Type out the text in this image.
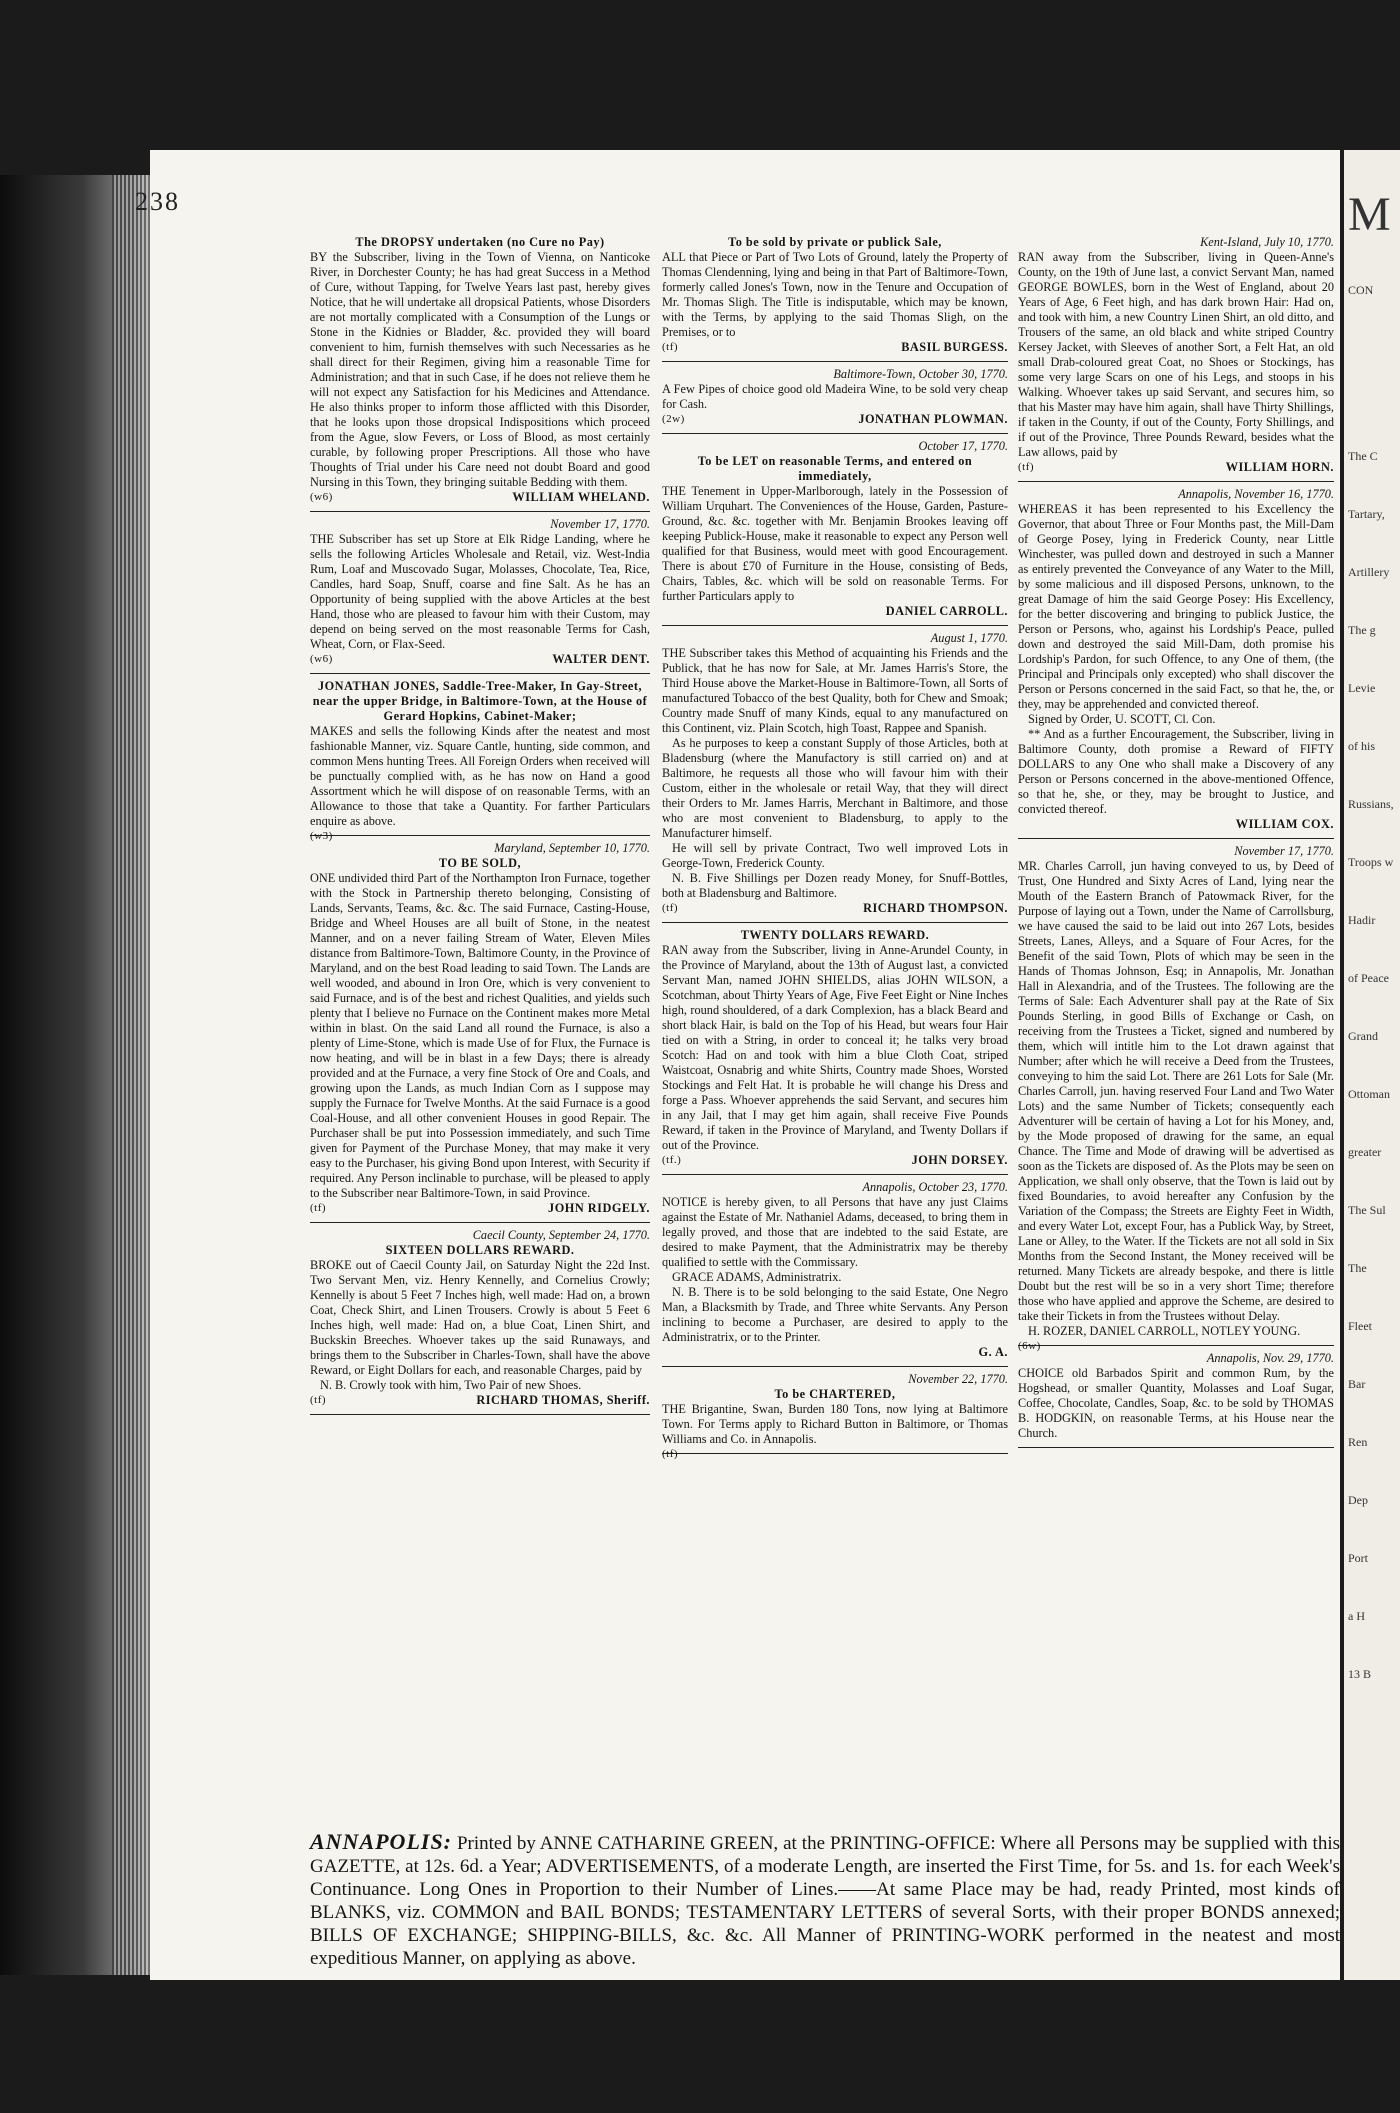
238

The DROPSY undertaken (no Cure no Pay)

BY the Subscriber, living in the Town of Vienna, on Nanticoke River, in Dorchester County; he has had great Success in a Method of Cure, without Tapping, for Twelve Years last past, hereby gives Notice, that he will undertake all dropsical Patients, whose Disorders are not mortally complicated with a Consumption of the Lungs or Stone in the Kidnies or Bladder, &c. provided they will board convenient to him, furnish themselves with such Necessaries as he shall direct for their Regimen, giving him a reasonable Time for Administration; and that in such Case, if he does not relieve them he will not expect any Satisfaction for his Medicines and Attendance. He also thinks proper to inform those afflicted with this Disorder, that he looks upon those dropsical Indispositions which proceed from the Ague, slow Fevers, or Loss of Blood, as most certainly curable, by following proper Prescriptions. All those who have Thoughts of Trial under his Care need not doubt Board and good Nursing in this Town, they bringing suitable Bedding with them.

(w6)	WILLIAM WHELAND.

November 17, 1770.

THE Subscriber has set up Store at Elk Ridge Landing, where he sells the following Articles Wholesale and Retail, viz. West-India Rum, Loaf and Muscovado Sugar, Molasses, Chocolate, Tea, Rice, Candles, hard Soap, Snuff, coarse and fine Salt. As he has an Opportunity of being supplied with the above Articles at the best Hand, those who are pleased to favour him with their Custom, may depend on being served on the most reasonable Terms for Cash, Wheat, Corn, or Flax-Seed.

(w6)	WALTER DENT.

JONATHAN JONES, Saddle-Tree-Maker, In Gay-Street, near the upper Bridge, in Baltimore-Town, at the House of Gerard Hopkins, Cabinet-Maker;

MAKES and sells the following Kinds after the neatest and most fashionable Manner, viz. Square Cantle, hunting, side common, and common Mens hunting Trees. All Foreign Orders when received will be punctually complied with, as he has now on Hand a good Assortment which he will dispose of on reasonable Terms, with an Allowance to those that take a Quantity. For farther Particulars enquire as above.

(w3)

Maryland, September 10, 1770.

TO BE SOLD,

ONE undivided third Part of the Northampton Iron Furnace, together with the Stock in Partnership thereto belonging, Consisting of Lands, Servants, Teams, &c. &c. The said Furnace, Casting-House, Bridge and Wheel Houses are all built of Stone, in the neatest Manner, and on a never failing Stream of Water, Eleven Miles distance from Baltimore-Town, Baltimore County, in the Province of Maryland, and on the best Road leading to said Town. The Lands are well wooded, and abound in Iron Ore, which is very convenient to said Furnace, and is of the best and richest Qualities, and yields such plenty that I believe no Furnace on the Continent makes more Metal within in blast. On the said Land all round the Furnace, is also a plenty of Lime-Stone, which is made Use of for Flux, the Furnace is now heating, and will be in blast in a few Days; there is already provided and at the Furnace, a very fine Stock of Ore and Coals, and growing upon the Lands, as much Indian Corn as I suppose may supply the Furnace for Twelve Months. At the said Furnace is a good Coal-House, and all other convenient Houses in good Repair. The Purchaser shall be put into Possession immediately, and such Time given for Payment of the Purchase Money, that may make it very easy to the Purchaser, his giving Bond upon Interest, with Security if required. Any Person inclinable to purchase, will be pleased to apply to the Subscriber near Baltimore-Town, in said Province.

(tf)	JOHN RIDGELY.

Caecil County, September 24, 1770.

SIXTEEN DOLLARS REWARD.

BROKE out of Caecil County Jail, on Saturday Night the 22d Inst. Two Servant Men, viz. Henry Kennelly, and Cornelius Crowly; Kennelly is about 5 Feet 7 Inches high, well made: Had on, a brown Coat, Check Shirt, and Linen Trousers. Crowly is about 5 Feet 6 Inches high, well made: Had on, a blue Coat, Linen Shirt, and Buckskin Breeches. Whoever takes up the said Runaways, and brings them to the Subscriber in Charles-Town, shall have the above Reward, or Eight Dollars for each, and reasonable Charges, paid by

N. B. Crowly took with him, Two Pair of new Shoes.

(tf)	RICHARD THOMAS, Sheriff.

To be sold by private or publick Sale,

ALL that Piece or Part of Two Lots of Ground, lately the Property of Thomas Clendenning, lying and being in that Part of Baltimore-Town, formerly called Jones's Town, now in the Tenure and Occupation of Mr. Thomas Sligh. The Title is indisputable, which may be known, with the Terms, by applying to the said Thomas Sligh, on the Premises, or to

(tf)	BASIL BURGESS.

Baltimore-Town, October 30, 1770.

A Few Pipes of choice good old Madeira Wine, to be sold very cheap for Cash.

(2w)	JONATHAN PLOWMAN.

October 17, 1770.

To be LET on reasonable Terms, and entered on immediately,

THE Tenement in Upper-Marlborough, lately in the Possession of William Urquhart. The Conveniences of the House, Garden, Pasture-Ground, &c. &c. together with Mr. Benjamin Brookes leaving off keeping Publick-House, make it reasonable to expect any Person well qualified for that Business, would meet with good Encouragement. There is about £70 of Furniture in the House, consisting of Beds, Chairs, Tables, &c. which will be sold on reasonable Terms. For further Particulars apply to

DANIEL CARROLL.

August 1, 1770.

THE Subscriber takes this Method of acquainting his Friends and the Publick, that he has now for Sale, at Mr. James Harris's Store, the Third House above the Market-House in Baltimore-Town, all Sorts of manufactured Tobacco of the best Quality, both for Chew and Smoak; Country made Snuff of many Kinds, equal to any manufactured on this Continent, viz. Plain Scotch, high Toast, Rappee and Spanish.

As he purposes to keep a constant Supply of those Articles, both at Bladensburg (where the Manufactory is still carried on) and at Baltimore, he requests all those who will favour him with their Custom, either in the wholesale or retail Way, that they will direct their Orders to Mr. James Harris, Merchant in Baltimore, and those who are most convenient to Bladensburg, to apply to the Manufacturer himself.

He will sell by private Contract, Two well improved Lots in George-Town, Frederick County.

N. B. Five Shillings per Dozen ready Money, for Snuff-Bottles, both at Bladensburg and Baltimore.

(tf)	RICHARD THOMPSON.

TWENTY DOLLARS REWARD.

RAN away from the Subscriber, living in Anne-Arundel County, in the Province of Maryland, about the 13th of August last, a convicted Servant Man, named JOHN SHIELDS, alias JOHN WILSON, a Scotchman, about Thirty Years of Age, Five Feet Eight or Nine Inches high, round shouldered, of a dark Complexion, has a black Beard and short black Hair, is bald on the Top of his Head, but wears four Hair tied on with a String, in order to conceal it; he talks very broad Scotch: Had on and took with him a blue Cloth Coat, striped Waistcoat, Osnabrig and white Shirts, Country made Shoes, Worsted Stockings and Felt Hat. It is probable he will change his Dress and forge a Pass. Whoever apprehends the said Servant, and secures him in any Jail, that I may get him again, shall receive Five Pounds Reward, if taken in the Province of Maryland, and Twenty Dollars if out of the Province.

(tf.)	JOHN DORSEY.

Annapolis, October 23, 1770.

NOTICE is hereby given, to all Persons that have any just Claims against the Estate of Mr. Nathaniel Adams, deceased, to bring them in legally proved, and those that are indebted to the said Estate, are desired to make Payment, that the Administratrix may be thereby qualified to settle with the Commissary.

GRACE ADAMS, Administratrix.

N. B. There is to be sold belonging to the said Estate, One Negro Man, a Blacksmith by Trade, and Three white Servants. Any Person inclining to become a Purchaser, are desired to apply to the Administratrix, or to the Printer.

G. A.

November 22, 1770.

To be CHARTERED,

THE Brigantine, Swan, Burden 180 Tons, now lying at Baltimore Town. For Terms apply to Richard Button in Baltimore, or Thomas Williams and Co. in Annapolis.

(tf)

Kent-Island, July 10, 1770.

RAN away from the Subscriber, living in Queen-Anne's County, on the 19th of June last, a convict Servant Man, named GEORGE BOWLES, born in the West of England, about 20 Years of Age, 6 Feet high, and has dark brown Hair: Had on, and took with him, a new Country Linen Shirt, an old ditto, and Trousers of the same, an old black and white striped Country Kersey Jacket, with Sleeves of another Sort, a Felt Hat, an old small Drab-coloured great Coat, no Shoes or Stockings, has some very large Scars on one of his Legs, and stoops in his Walking. Whoever takes up said Servant, and secures him, so that his Master may have him again, shall have Thirty Shillings, if taken in the County, if out of the County, Forty Shillings, and if out of the Province, Three Pounds Reward, besides what the Law allows, paid by

(tf)	WILLIAM HORN.

Annapolis, November 16, 1770.

WHEREAS it has been represented to his Excellency the Governor, that about Three or Four Months past, the Mill-Dam of George Posey, lying in Frederick County, near Little Winchester, was pulled down and destroyed in such a Manner as entirely prevented the Conveyance of any Water to the Mill, by some malicious and ill disposed Persons, unknown, to the great Damage of him the said George Posey: His Excellency, for the better discovering and bringing to publick Justice, the Person or Persons, who, against his Lordship's Peace, pulled down and destroyed the said Mill-Dam, doth promise his Lordship's Pardon, for such Offence, to any One of them, (the Principal and Principals only excepted) who shall discover the Person or Persons concerned in the said Fact, so that he, the, or they, may be apprehended and convicted thereof.

Signed by Order, U. SCOTT, Cl. Con.

** And as a further Encouragement, the Subscriber, living in Baltimore County, doth promise a Reward of FIFTY DOLLARS to any One who shall make a Discovery of any Person or Persons concerned in the above-mentioned Offence, so that he, she, or they, may be brought to Justice, and convicted thereof.

WILLIAM COX.

November 17, 1770.

MR. Charles Carroll, jun having conveyed to us, by Deed of Trust, One Hundred and Sixty Acres of Land, lying near the Mouth of the Eastern Branch of Patowmack River, for the Purpose of laying out a Town, under the Name of Carrollsburg, we have caused the said to be laid out into 267 Lots, besides Streets, Lanes, Alleys, and a Square of Four Acres, for the Benefit of the said Town, Plots of which may be seen in the Hands of Thomas Johnson, Esq; in Annapolis, Mr. Jonathan Hall in Alexandria, and of the Trustees. The following are the Terms of Sale: Each Adventurer shall pay at the Rate of Six Pounds Sterling, in good Bills of Exchange or Cash, on receiving from the Trustees a Ticket, signed and numbered by them, which will intitle him to the Lot drawn against that Number; after which he will receive a Deed from the Trustees, conveying to him the said Lot. There are 261 Lots for Sale (Mr. Charles Carroll, jun. having reserved Four Land and Two Water Lots) and the same Number of Tickets; consequently each Adventurer will be certain of having a Lot for his Money, and, by the Mode proposed of drawing for the same, an equal Chance. The Time and Mode of drawing will be advertised as soon as the Tickets are disposed of. As the Plots may be seen on Application, we shall only observe, that the Town is laid out by fixed Boundaries, to avoid hereafter any Confusion by the Variation of the Compass; the Streets are Eighty Feet in Width, and every Water Lot, except Four, has a Publick Way, by Street, Lane or Alley, to the Water. If the Tickets are not all sold in Six Months from the Second Instant, the Money received will be returned. Many Tickets are already bespoke, and there is little Doubt but the rest will be so in a very short Time; therefore those who have applied and approve the Scheme, are desired to take their Tickets in from the Trustees without Delay.

H. ROZER, DANIEL CARROLL, NOTLEY YOUNG.

(6w)

Annapolis, Nov. 29, 1770.

CHOICE old Barbados Spirit and common Rum, by the Hogshead, or smaller Quantity, Molasses and Loaf Sugar, Coffee, Chocolate, Candles, Soap, &c. to be sold by THOMAS B. HODGKIN, on reasonable Terms, at his House near the Church.

M
CON
The C
Tartary,
Artillery
The g
Levie
of his
Russians,
Troops w
Hadir
of Peace
Grand
Ottoman
greater
The Sul
The
Fleet
Bar
Ren
Dep
Port
a H
13 B
ANNAPOLIS: Printed by ANNE CATHARINE GREEN, at the PRINTING-OFFICE: Where all Persons may be supplied with this GAZETTE, at 12s. 6d. a Year; ADVERTISEMENTS, of a moderate Length, are inserted the First Time, for 5s. and 1s. for each Week's Continuance. Long Ones in Proportion to their Number of Lines.——At same Place may be had, ready Printed, most kinds of BLANKS, viz. COMMON and BAIL BONDS; TESTAMENTARY LETTERS of several Sorts, with their proper BONDS annexed; BILLS OF EXCHANGE; SHIPPING-BILLS, &c. &c. All Manner of PRINTING-WORK performed in the neatest and most expeditious Manner, on applying as above.
